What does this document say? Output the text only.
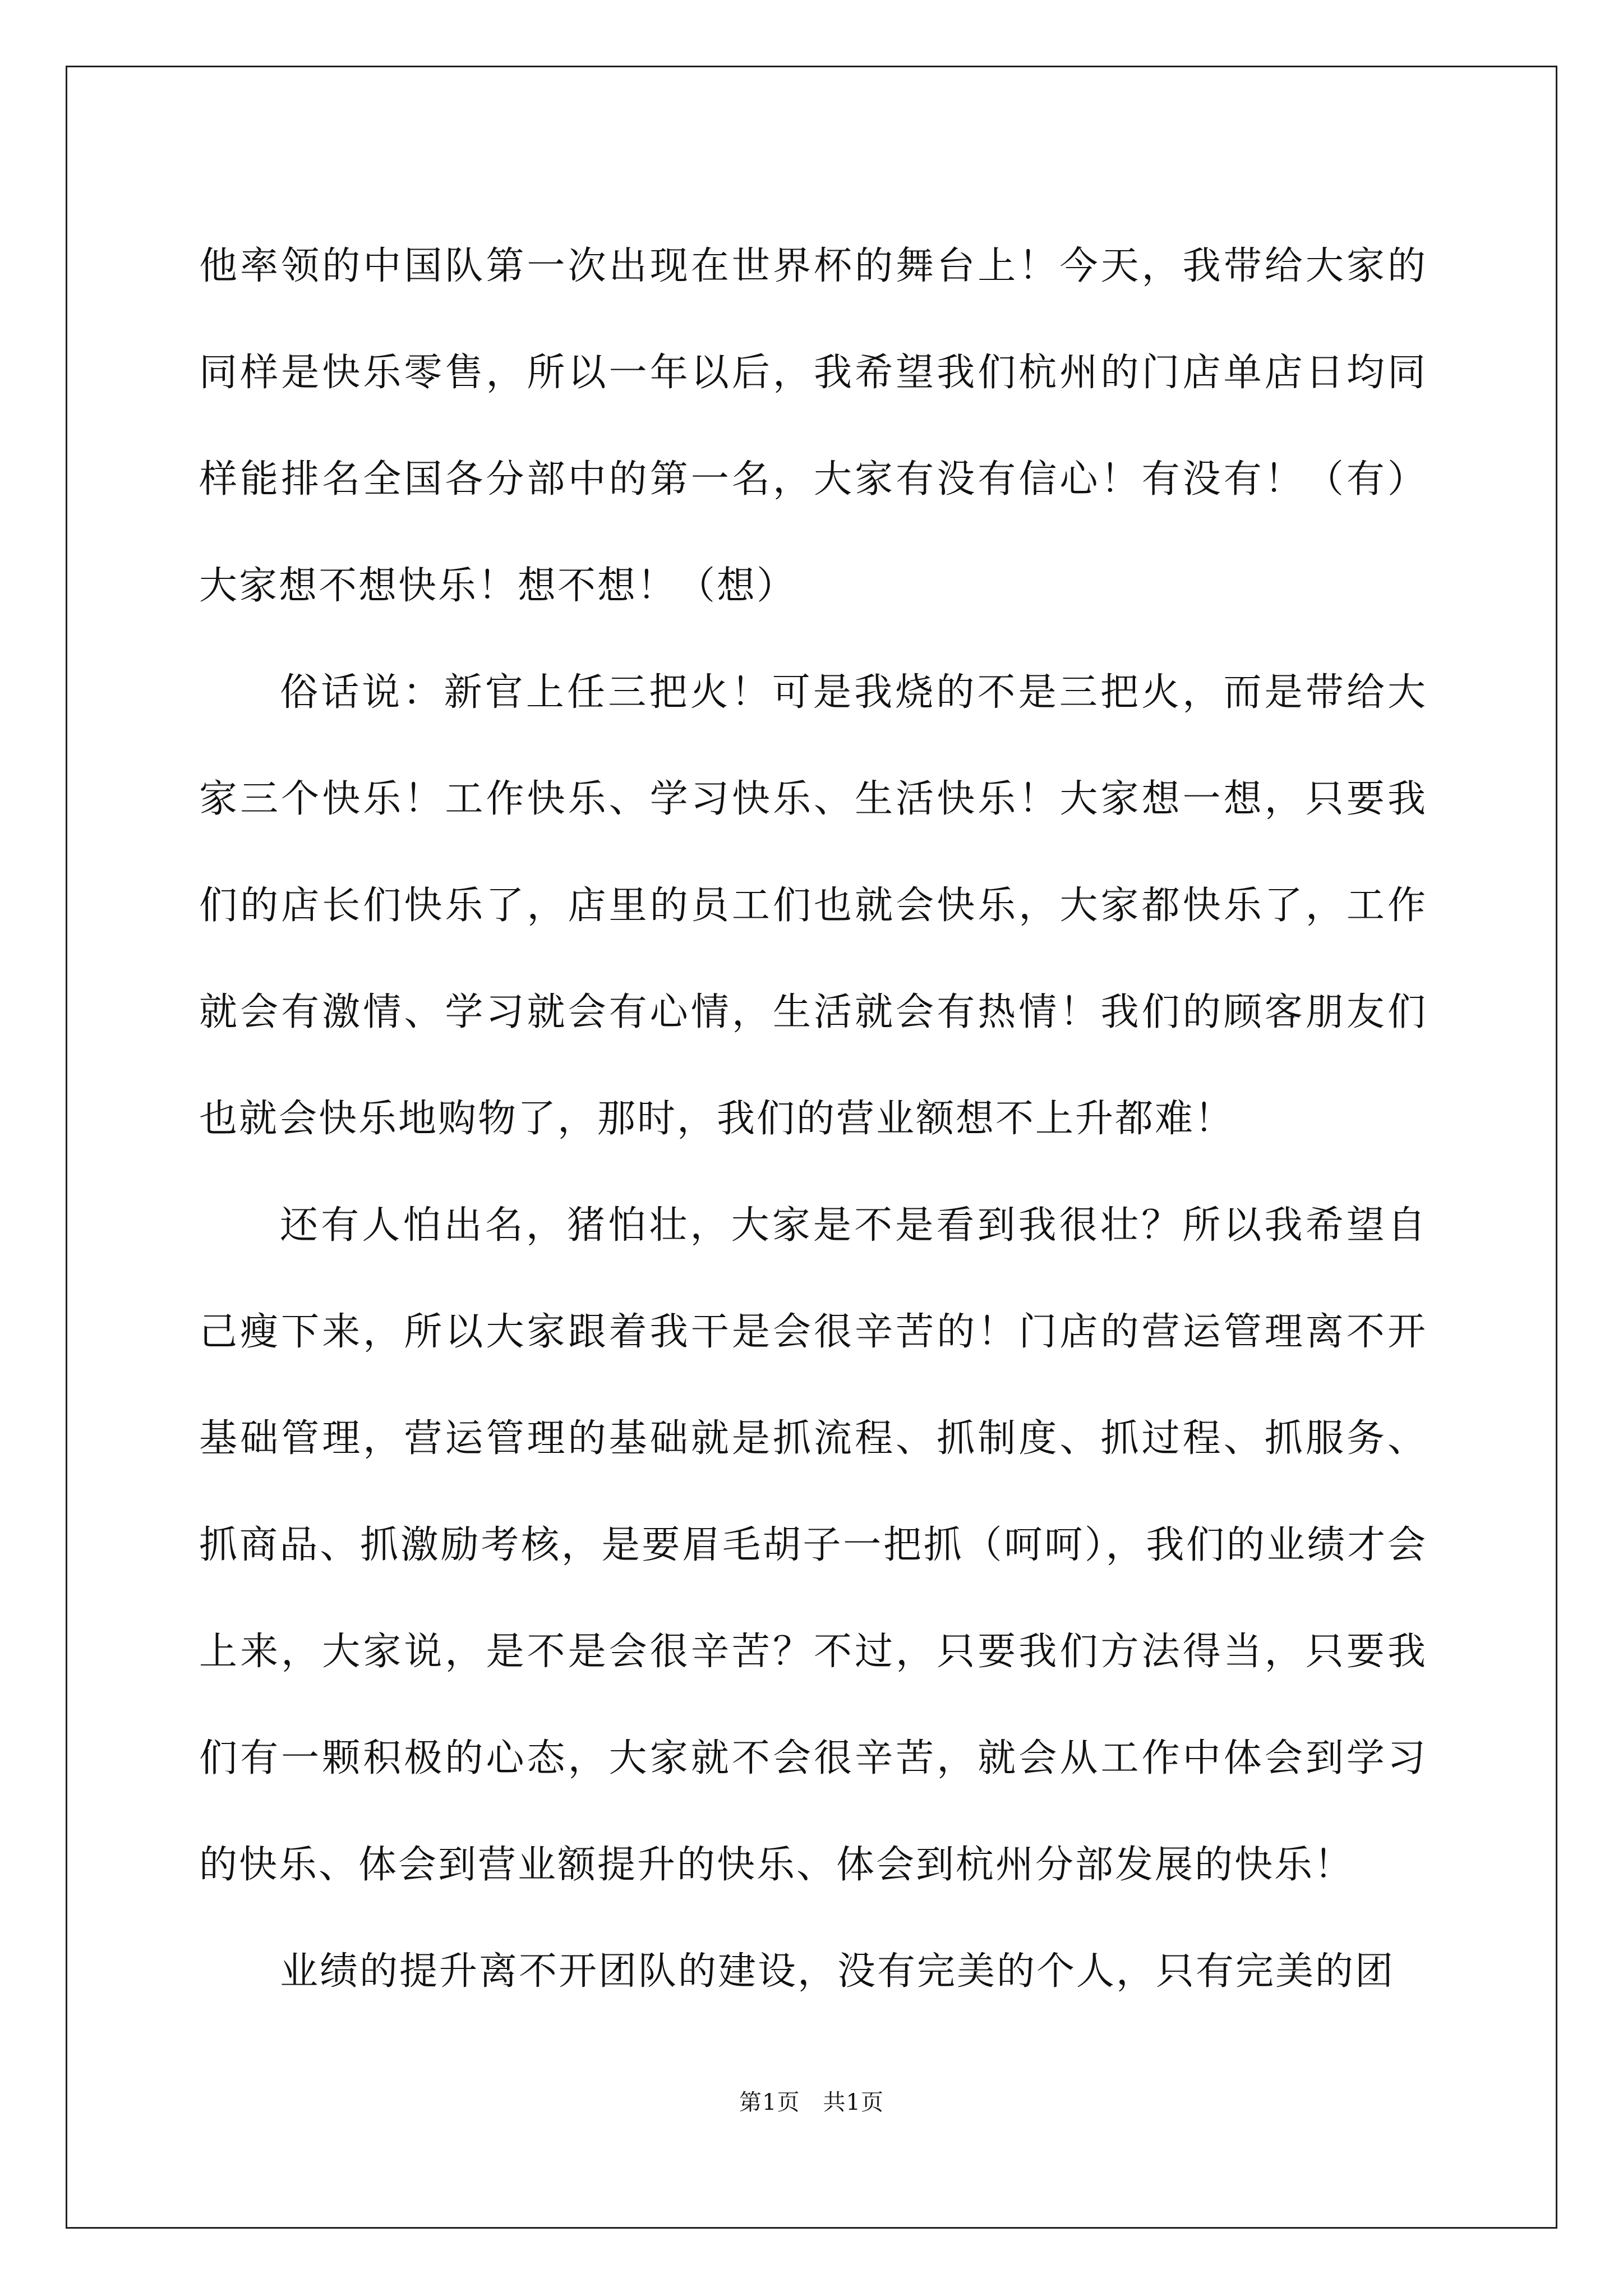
他率领的中国队第一次出现在世界杯的舞台上！今天，我带给大家的同样是快乐零售，所以一年以后，我希望我们杭州的门店单店日均同样能排名全国各分部中的第一名，大家有没有信心！有没有！（有）大家想不想快乐！想不想！（想）

俗话说：新官上任三把火！可是我烧的不是三把火，而是带给大家三个快乐！工作快乐、学习快乐、生活快乐！大家想一想，只要我们的店长们快乐了，店里的员工们也就会快乐，大家都快乐了，工作就会有激情、学习就会有心情，生活就会有热情！我们的顾客朋友们也就会快乐地购物了，那时，我们的营业额想不上升都难！

还有人怕出名，猪怕壮，大家是不是看到我很壮？所以我希望自己瘦下来，所以大家跟着我干是会很辛苦的！门店的营运管理离不开基础管理，营运管理的基础就是抓流程、抓制度、抓过程、抓服务、抓商品、抓激励考核，是要眉毛胡子一把抓（呵呵），我们的业绩才会上来，大家说，是不是会很辛苦？不过，只要我们方法得当，只要我们有一颗积极的心态，大家就不会很辛苦，就会从工作中体会到学习的快乐、体会到营业额提升的快乐、体会到杭州分部发展的快乐！

业绩的提升离不开团队的建设，没有完美的个人，只有完美的团

第1页　共1页
